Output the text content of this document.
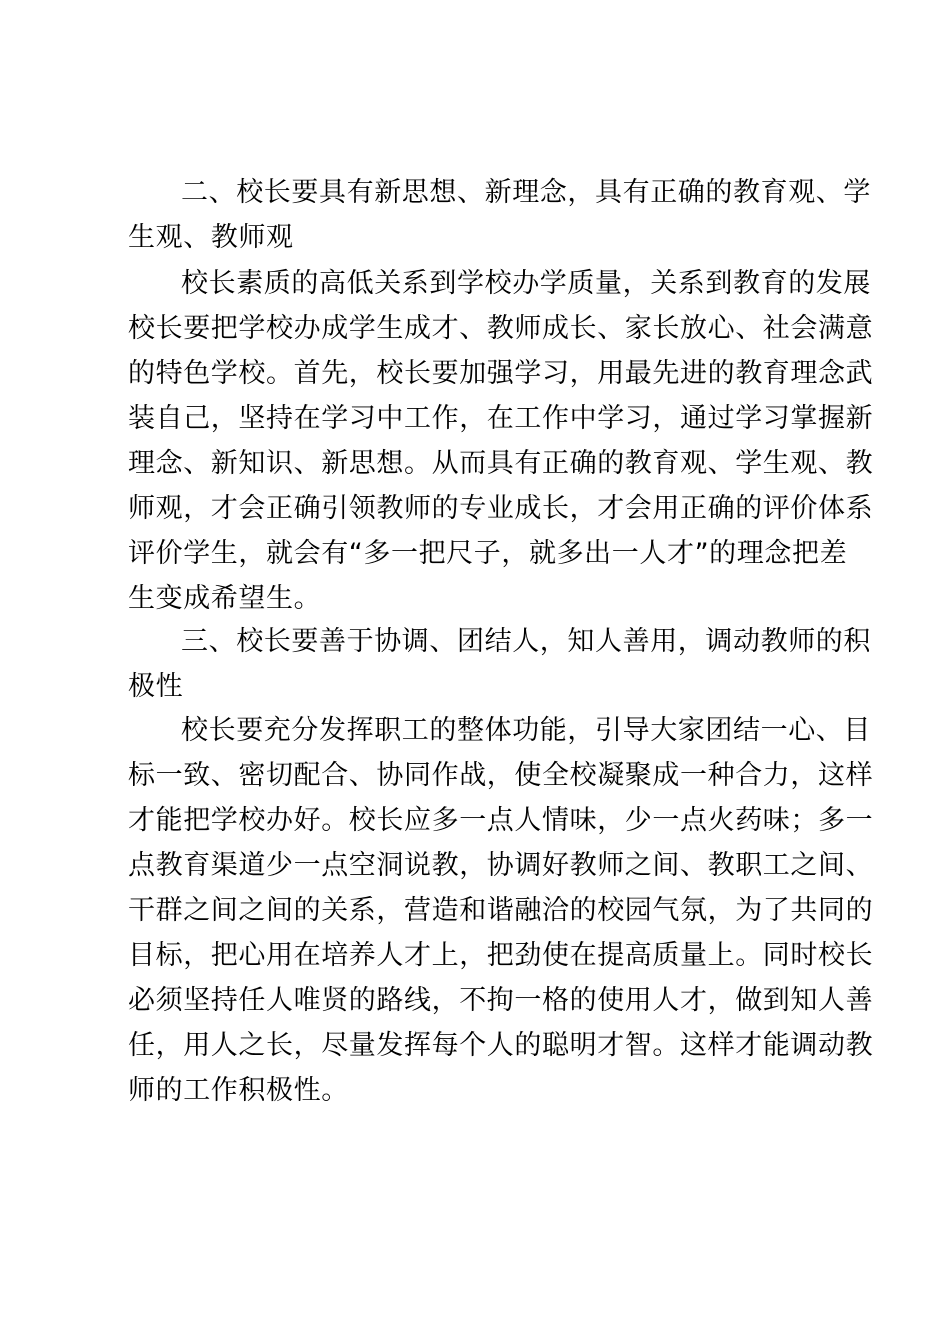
二、校长要具有新思想、新理念，具有正确的教育观、学
生观、教师观
校长素质的高低关系到学校办学质量，关系到教育的发展
校长要把学校办成学生成才、教师成长、家长放心、社会满意
的特色学校。首先，校长要加强学习，用最先进的教育理念武
装自己，坚持在学习中工作，在工作中学习，通过学习掌握新
理念、新知识、新思想。从而具有正确的教育观、学生观、教
师观，才会正确引领教师的专业成长，才会用正确的评价体系
评价学生，就会有“多一把尺子，就多出一人才”的理念把差
生变成希望生。
三、校长要善于协调、团结人，知人善用，调动教师的积
极性
校长要充分发挥职工的整体功能，引导大家团结一心、目
标一致、密切配合、协同作战，使全校凝聚成一种合力，这样
才能把学校办好。校长应多一点人情味，少一点火药味；多一
点教育渠道少一点空洞说教，协调好教师之间、教职工之间、
干群之间之间的关系，营造和谐融洽的校园气氛，为了共同的
目标，把心用在培养人才上，把劲使在提高质量上。同时校长
必须坚持任人唯贤的路线，不拘一格的使用人才，做到知人善
任，用人之长，尽量发挥每个人的聪明才智。这样才能调动教
师的工作积极性。
